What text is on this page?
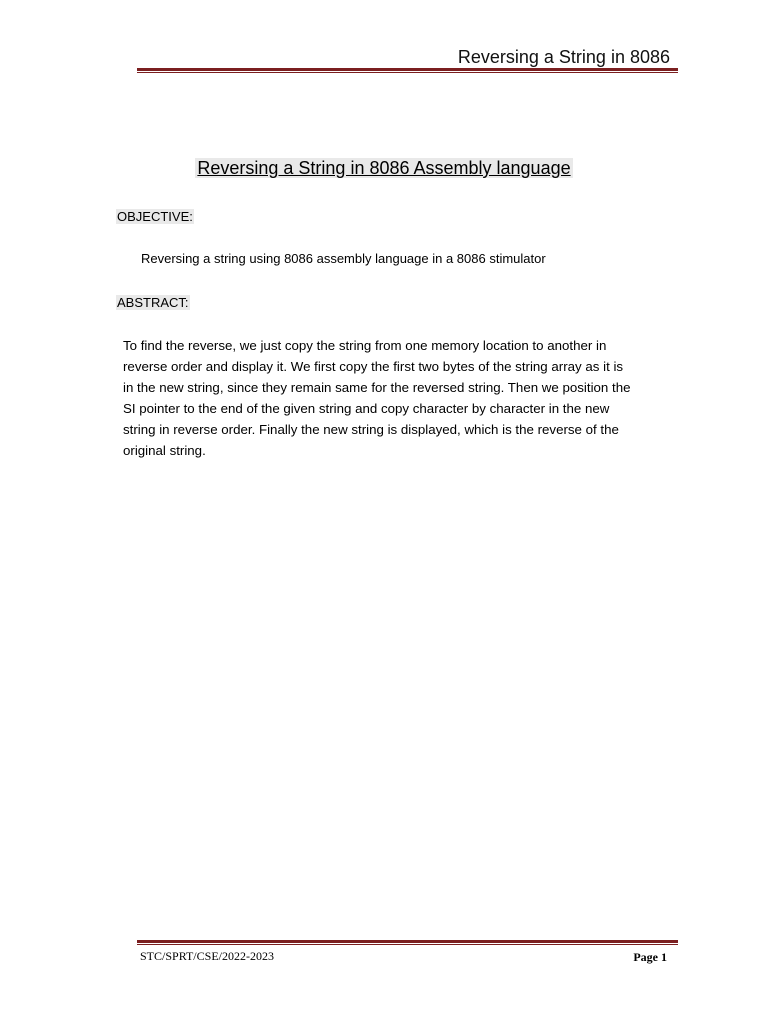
Reversing a String in 8086
Reversing a String in 8086 Assembly language
OBJECTIVE:
Reversing a string using 8086 assembly language in a 8086 stimulator
ABSTRACT:
To find the reverse, we just copy the string from one memory location to another in
reverse order and display it. We first copy the first two bytes of the string array as it is
in the new string, since they remain same for the reversed string. Then we position the
SI pointer to the end of the given string and copy character by character in the new
string in reverse order. Finally the new string is displayed, which is the reverse of the
original string.
STC/SPRT/CSE/2022-2023	Page 1
